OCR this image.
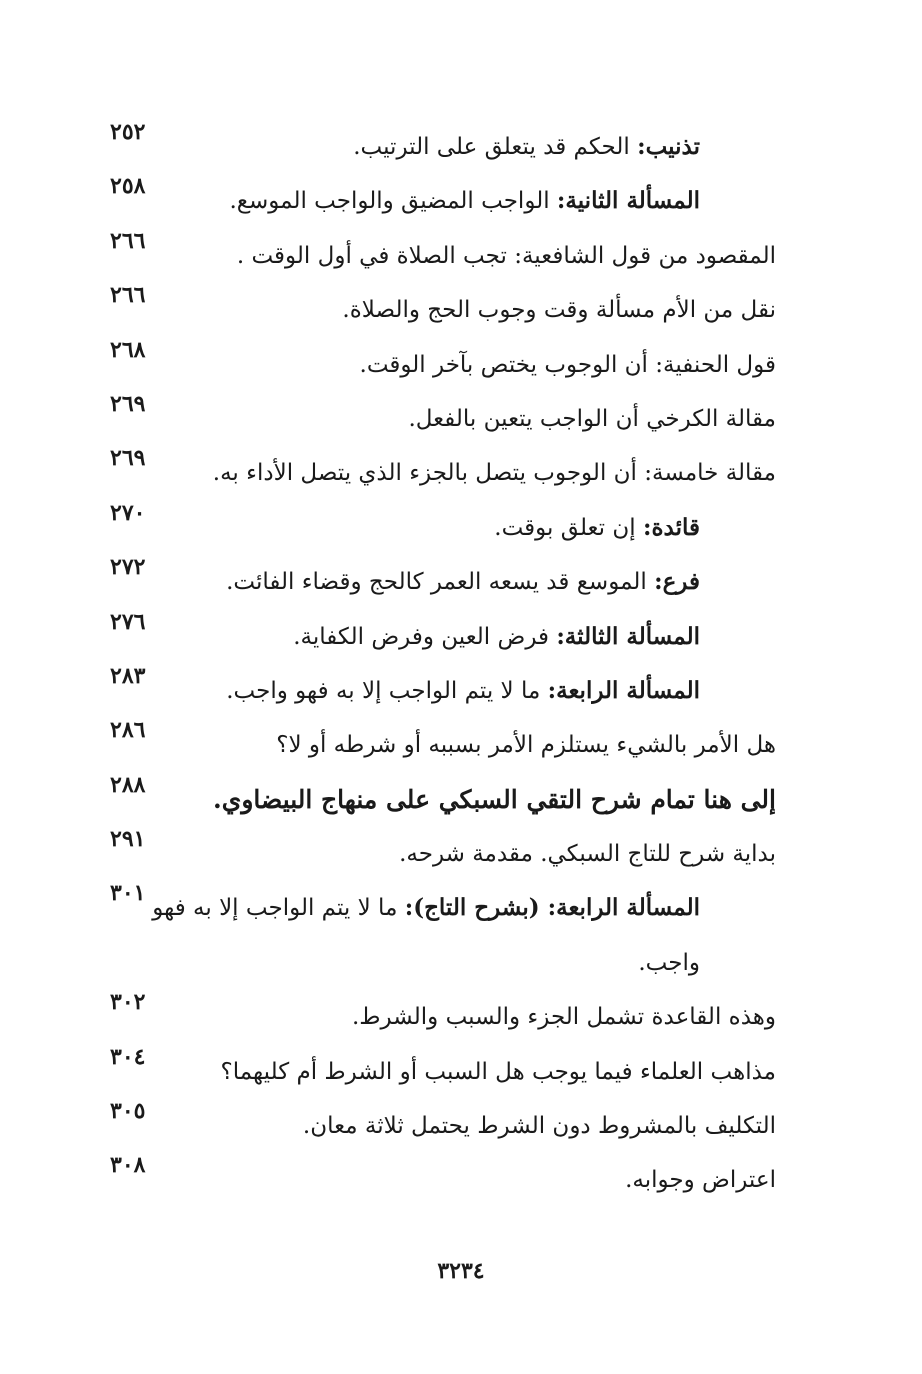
تذنيب: الحكم قد يتعلق على الترتيب.
٢٥٢
المسألة الثانية: الواجب المضيق والواجب الموسع.
٢٥٨
المقصود من قول الشافعية: تجب الصلاة في أول الوقت .
٢٦٦
نقل من الأم مسألة وقت وجوب الحج والصلاة.
٢٦٦
قول الحنفية: أن الوجوب يختص بآخر الوقت.
٢٦٨
مقالة الكرخي أن الواجب يتعين بالفعل.
٢٦٩
مقالة خامسة: أن الوجوب يتصل بالجزء الذي يتصل الأداء به.
٢٦٩
قائدة: إن تعلق بوقت.
٢٧٠
فرع: الموسع قد يسعه العمر كالحج وقضاء الفائت.
٢٧٢
المسألة الثالثة: فرض العين وفرض الكفاية.
٢٧٦
المسألة الرابعة: ما لا يتم الواجب إلا به فهو واجب.
٢٨٣
هل الأمر بالشيء يستلزم الأمر بسببه أو شرطه أو لا؟
٢٨٦
إلى هنا تمام شرح التقي السبكي على منهاج البيضاوي.
٢٨٨
بداية شرح للتاج السبكي. مقدمة شرحه.
٢٩١
المسألة الرابعة: (بشرح التاج): ما لا يتم الواجب إلا به فهو واجب.
٣٠١
وهذه القاعدة تشمل الجزء والسبب والشرط.
٣٠٢
مذاهب العلماء فيما يوجب هل السبب أو الشرط أم كليهما؟
٣٠٤
التكليف بالمشروط دون الشرط يحتمل ثلاثة معان.
٣٠٥
اعتراض وجوابه.
٣٠٨
٣٢٣٤
